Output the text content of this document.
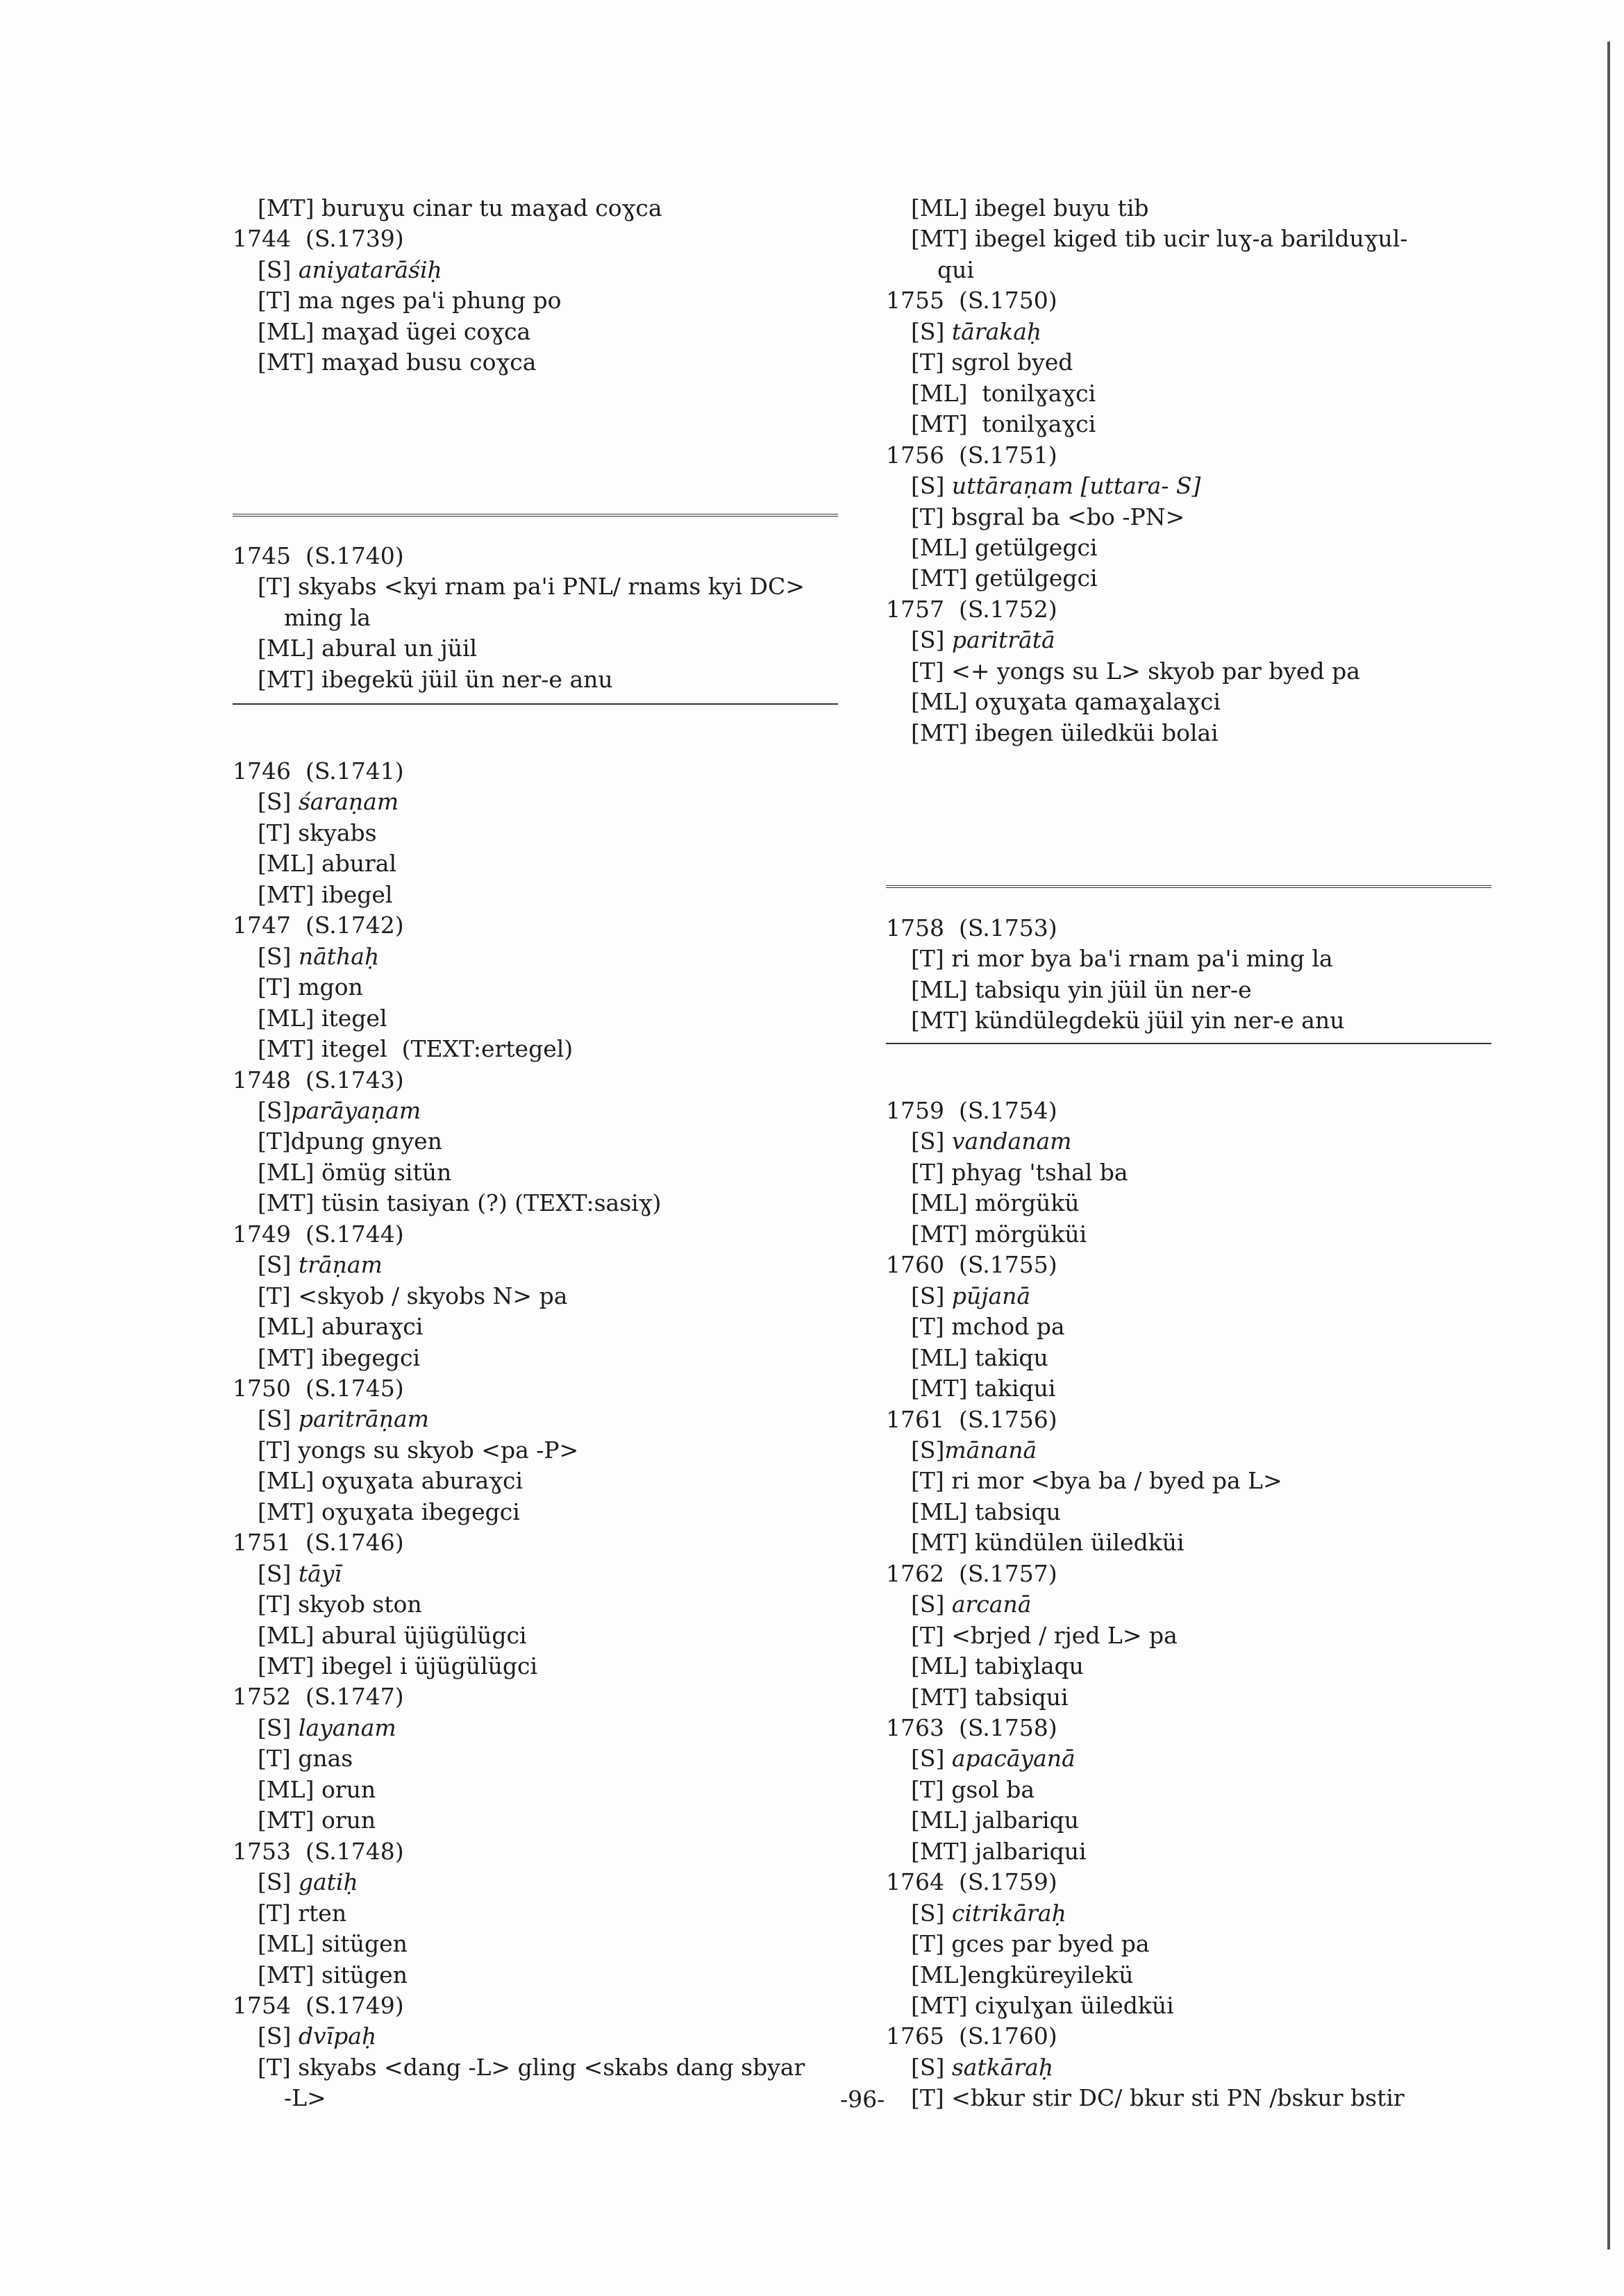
[MT] buruɣu cinar tu maɣad coɣca
1744  (S.1739)
[S] aniyatarāśiḥ
[T] ma nges pa'i phung po
[ML] maɣad ügei coɣca
[MT] maɣad busu coɣca
1745  (S.1740)
[T] skyabs <kyi rnam pa'i PNL/ rnams kyi DC>
ming la
[ML] abural un jüil
[MT] ibegekü jüil ün ner-e anu
1746  (S.1741)
[S] śaraṇam
[T] skyabs
[ML] abural
[MT] ibegel
1747  (S.1742)
[S] nāthaḥ
[T] mgon
[ML] itegel
[MT] itegel  (TEXT:ertegel)
1748  (S.1743)
[S]parāyaṇam
[T]dpung gnyen
[ML] ömüg sitün
[MT] tüsin tasiyan (?) (TEXT:sasiɣ)
1749  (S.1744)
[S] trāṇam
[T] <skyob / skyobs N> pa
[ML] aburaɣci
[MT] ibegegci
1750  (S.1745)
[S] paritrāṇam
[T] yongs su skyob <pa -P>
[ML] oɣuɣata aburaɣci
[MT] oɣuɣata ibegegci
1751  (S.1746)
[S] tāyī
[T] skyob ston
[ML] abural üjügülügci
[MT] ibegel i üjügülügci
1752  (S.1747)
[S] layanam
[T] gnas
[ML] orun
[MT] orun
1753  (S.1748)
[S] gatiḥ
[T] rten
[ML] sitügen
[MT] sitügen
1754  (S.1749)
[S] dvīpaḥ
[T] skyabs <dang -L> gling <skabs dang sbyar
-L>
[ML] ibegel buyu tib
[MT] ibegel kiged tib ucir luɣ-a barilduɣul-
qui
1755  (S.1750)
[S] tārakaḥ
[T] sgrol byed
[ML]  tonilɣaɣci
[MT]  tonilɣaɣci
1756  (S.1751)
[S] uttāraṇam [uttara- S]
[T] bsgral ba <bo -PN>
[ML] getülgegci
[MT] getülgegci
1757  (S.1752)
[S] paritrātā
[T] <+ yongs su L> skyob par byed pa
[ML] oɣuɣata qamaɣalaɣci
[MT] ibegen üiledküi bolai
1758  (S.1753)
[T] ri mor bya ba'i rnam pa'i ming la
[ML] tabsiqu yin jüil ün ner-e
[MT] kündülegdekü jüil yin ner-e anu
1759  (S.1754)
[S] vandanam
[T] phyag 'tshal ba
[ML] mörgükü
[MT] mörgüküi
1760  (S.1755)
[S] pūjanā
[T] mchod pa
[ML] takiqu
[MT] takiqui
1761  (S.1756)
[S]mānanā
[T] ri mor <bya ba / byed pa L>
[ML] tabsiqu
[MT] kündülen üiledküi
1762  (S.1757)
[S] arcanā
[T] <brjed / rjed L> pa
[ML] tabiɣlaqu
[MT] tabsiqui
1763  (S.1758)
[S] apacāyanā
[T] gsol ba
[ML] jalbariqu
[MT] jalbariqui
1764  (S.1759)
[S] citrikāraḥ
[T] gces par byed pa
[ML]engküreyilekü
[MT] ciɣulɣan üiledküi
1765  (S.1760)
[S] satkāraḥ
[T] <bkur stir DC/ bkur sti PN /bskur bstir
-96-
